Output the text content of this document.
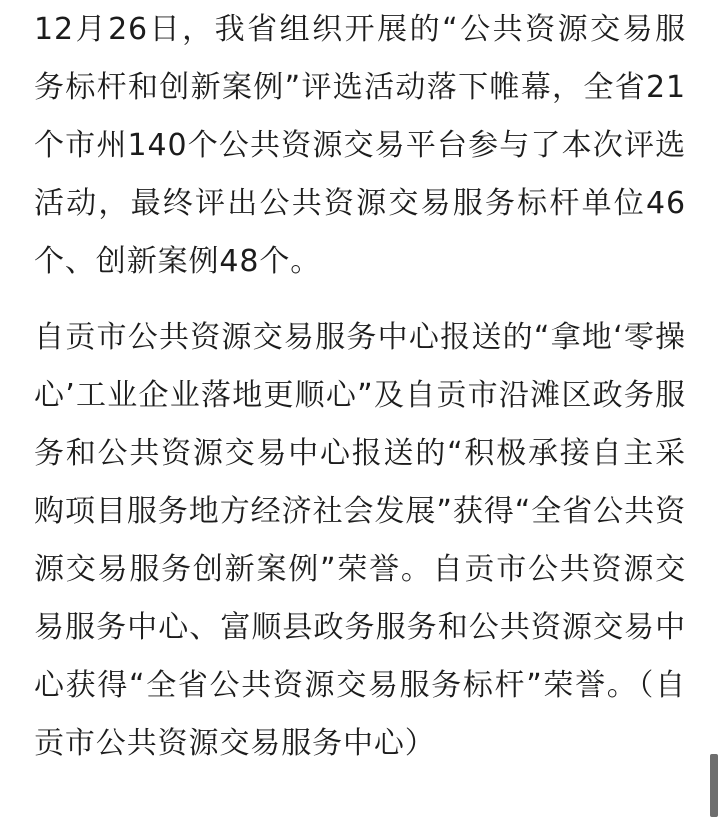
12月26日，我省组织开展的“公共资源交易服务标杆和创新案例”评选活动落下帷幕，全省21个市州140个公共资源交易平台参与了本次评选活动，最终评出公共资源交易服务标杆单位46个、创新案例48个。

自贡市公共资源交易服务中心报送的“拿地‘零操心’工业企业落地更顺心”及自贡市沿滩区政务服务和公共资源交易中心报送的“积极承接自主采购项目服务地方经济社会发展”获得“全省公共资源交易服务创新案例”荣誉。自贡市公共资源交易服务中心、富顺县政务服务和公共资源交易中心获得“全省公共资源交易服务标杆”荣誉。（自贡市公共资源交易服务中心）
